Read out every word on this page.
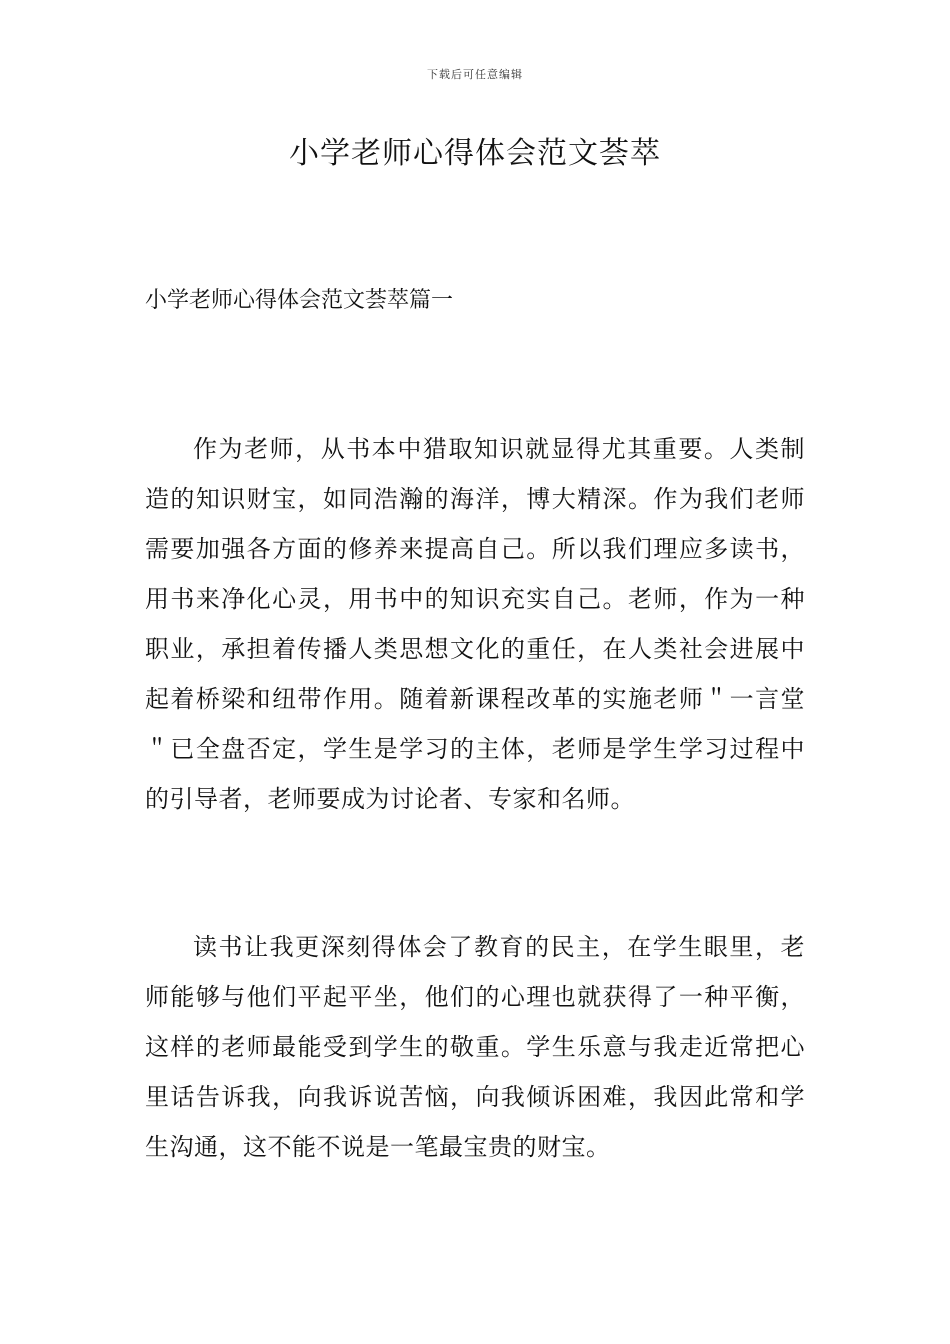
下载后可任意编辑
小学老师心得体会范文荟萃
小学老师心得体会范文荟萃篇一

作为老师，从书本中猎取知识就显得尤其重要。人类制造的知识财宝，如同浩瀚的海洋，博大精深。作为我们老师需要加强各方面的修养来提高自己。所以我们理应多读书，用书来净化心灵，用书中的知识充实自己。老师，作为一种职业，承担着传播人类思想文化的重任，在人类社会进展中起着桥梁和纽带作用。随着新课程改革的实施老师＂一言堂＂已全盘否定，学生是学习的主体，老师是学生学习过程中的引导者，老师要成为讨论者、专家和名师。

读书让我更深刻得体会了教育的民主，在学生眼里，老师能够与他们平起平坐，他们的心理也就获得了一种平衡，这样的老师最能受到学生的敬重。学生乐意与我走近常把心里话告诉我，向我诉说苦恼，向我倾诉困难，我因此常和学生沟通，这不能不说是一笔最宝贵的财宝。
